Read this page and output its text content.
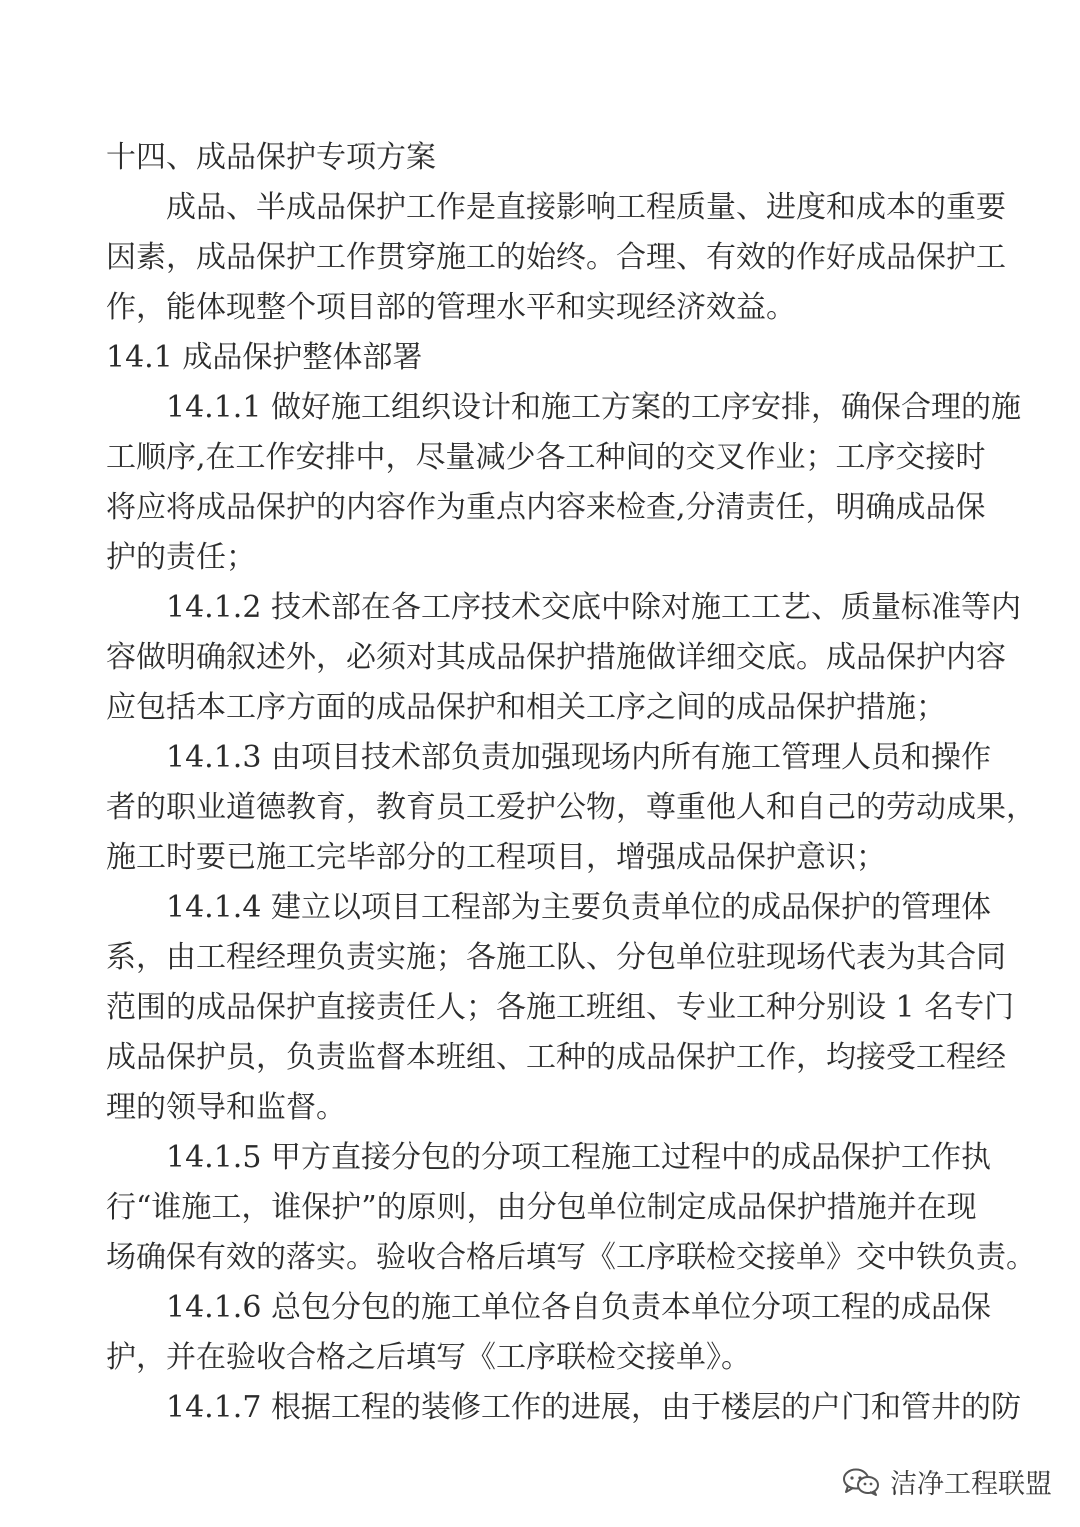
十四、成品保护专项方案
成品、半成品保护工作是直接影响工程质量、进度和成本的重要
因素，成品保护工作贯穿施工的始终。合理、有效的作好成品保护工
作，能体现整个项目部的管理水平和实现经济效益。
14.1 成品保护整体部署
14.1.1 做好施工组织设计和施工方案的工序安排，确保合理的施
工顺序,在工作安排中，尽量减少各工种间的交叉作业；工序交接时
将应将成品保护的内容作为重点内容来检查,分清责任，明确成品保
护的责任；
14.1.2 技术部在各工序技术交底中除对施工工艺、质量标准等内
容做明确叙述外，必须对其成品保护措施做详细交底。成品保护内容
应包括本工序方面的成品保护和相关工序之间的成品保护措施；
14.1.3 由项目技术部负责加强现场内所有施工管理人员和操作
者的职业道德教育，教育员工爱护公物，尊重他人和自己的劳动成果，
施工时要已施工完毕部分的工程项目，增强成品保护意识；
14.1.4 建立以项目工程部为主要负责单位的成品保护的管理体
系，由工程经理负责实施；各施工队、分包单位驻现场代表为其合同
范围的成品保护直接责任人；各施工班组、专业工种分别设 1 名专门
成品保护员，负责监督本班组、工种的成品保护工作，均接受工程经
理的领导和监督。
14.1.5 甲方直接分包的分项工程施工过程中的成品保护工作执
行“谁施工，谁保护”的原则，由分包单位制定成品保护措施并在现
场确保有效的落实。验收合格后填写《工序联检交接单》交中铁负责。
14.1.6 总包分包的施工单位各自负责本单位分项工程的成品保
护，并在验收合格之后填写《工序联检交接单》。
14.1.7 根据工程的装修工作的进展，由于楼层的户门和管井的防
洁净工程联盟
